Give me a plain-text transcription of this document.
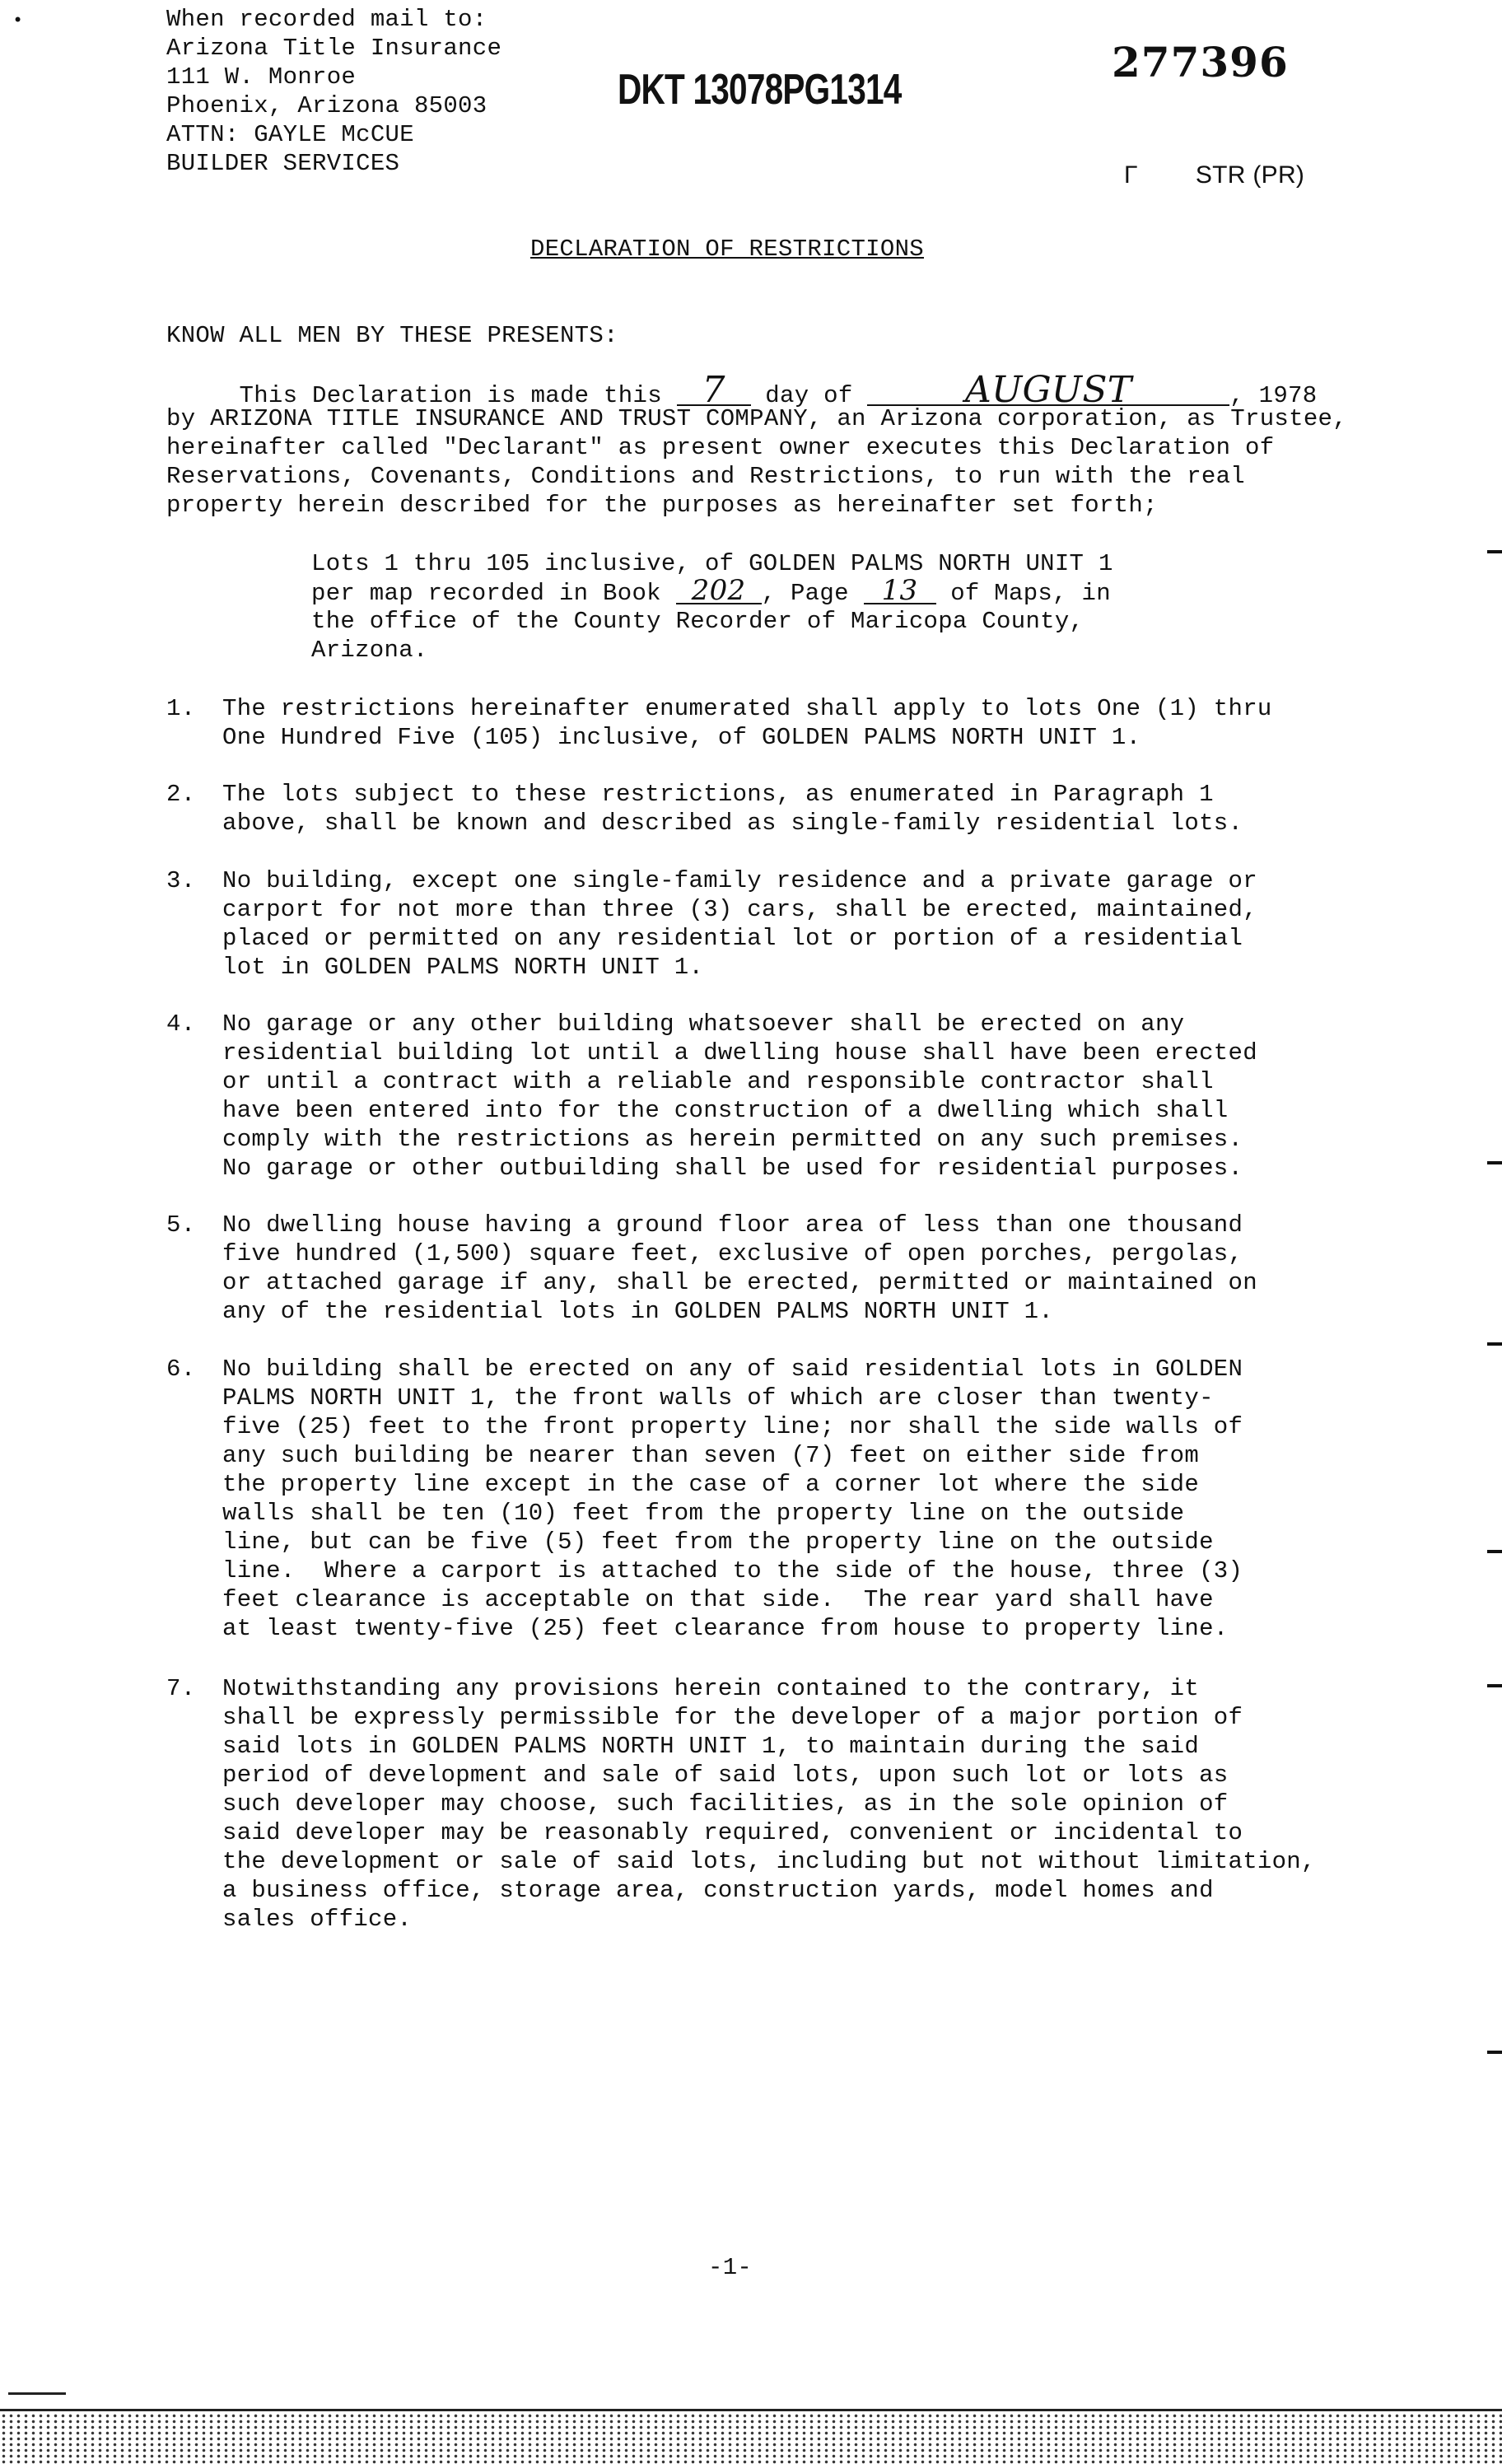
•	When recorded mail to:
Arizona Title Insurance
111 W. Monroe
Phoenix, Arizona 85003
ATTN: GAYLE McCUE
BUILDER SERVICES
DKT 13078PG1314
277396
Γ STR (PR)
DECLARATION OF RESTRICTIONS
KNOW ALL MEN BY THESE PRESENTS:
This Declaration is made this 7 day of	AUGUST	, 1978
by ARIZONA TITLE INSURANCE AND TRUST COMPANY, an Arizona corporation, as Trustee,
hereinafter called "Declarant" as present owner executes this Declaration of
Reservations, Covenants, Conditions and Restrictions, to run with the real
property herein described for the purposes as hereinafter set forth;
Lots 1 thru 105 inclusive, of GOLDEN PALMS NORTH UNIT 1
per map recorded in Book 202 , Page 13 of Maps, in
the office of the County Recorder of Maricopa County,
Arizona.
1. The restrictions hereinafter enumerated shall apply to lots One (1) thru
One Hundred Five (105) inclusive, of GOLDEN PALMS NORTH UNIT 1.
2. The lots subject to these restrictions, as enumerated in Paragraph 1
above, shall be known and described as single-family residential lots.
3. No building, except one single-family residence and a private garage or
carport for not more than three (3) cars, shall be erected, maintained,
placed or permitted on any residential lot or portion of a residential
lot in GOLDEN PALMS NORTH UNIT 1.
4. No garage or any other building whatsoever shall be erected on any
residential building lot until a dwelling house shall have been erected
or until a contract with a reliable and responsible contractor shall
have been entered into for the construction of a dwelling which shall
comply with the restrictions as herein permitted on any such premises.
No garage or other outbuilding shall be used for residential purposes.
5. No dwelling house having a ground floor area of less than one thousand
five hundred (1,500) square feet, exclusive of open porches, pergolas,
or attached garage if any, shall be erected, permitted or maintained on
any of the residential lots in GOLDEN PALMS NORTH UNIT 1.
6. No building shall be erected on any of said residential lots in GOLDEN
PALMS NORTH UNIT 1, the front walls of which are closer than twenty-
five (25) feet to the front property line; nor shall the side walls of
any such building be nearer than seven (7) feet on either side from
the property line except in the case of a corner lot where the side
walls shall be ten (10) feet from the property line on the outside
line, but can be five (5) feet from the property line on the outside
line.  Where a carport is attached to the side of the house, three (3)
feet clearance is acceptable on that side.  The rear yard shall have
at least twenty-five (25) feet clearance from house to property line.
7. Notwithstanding any provisions herein contained to the contrary, it
shall be expressly permissible for the developer of a major portion of
said lots in GOLDEN PALMS NORTH UNIT 1, to maintain during the said
period of development and sale of said lots, upon such lot or lots as
such developer may choose, such facilities, as in the sole opinion of
said developer may be reasonably required, convenient or incidental to
the development or sale of said lots, including but not without limitation,
a business office, storage area, construction yards, model homes and
sales office.
-1-
